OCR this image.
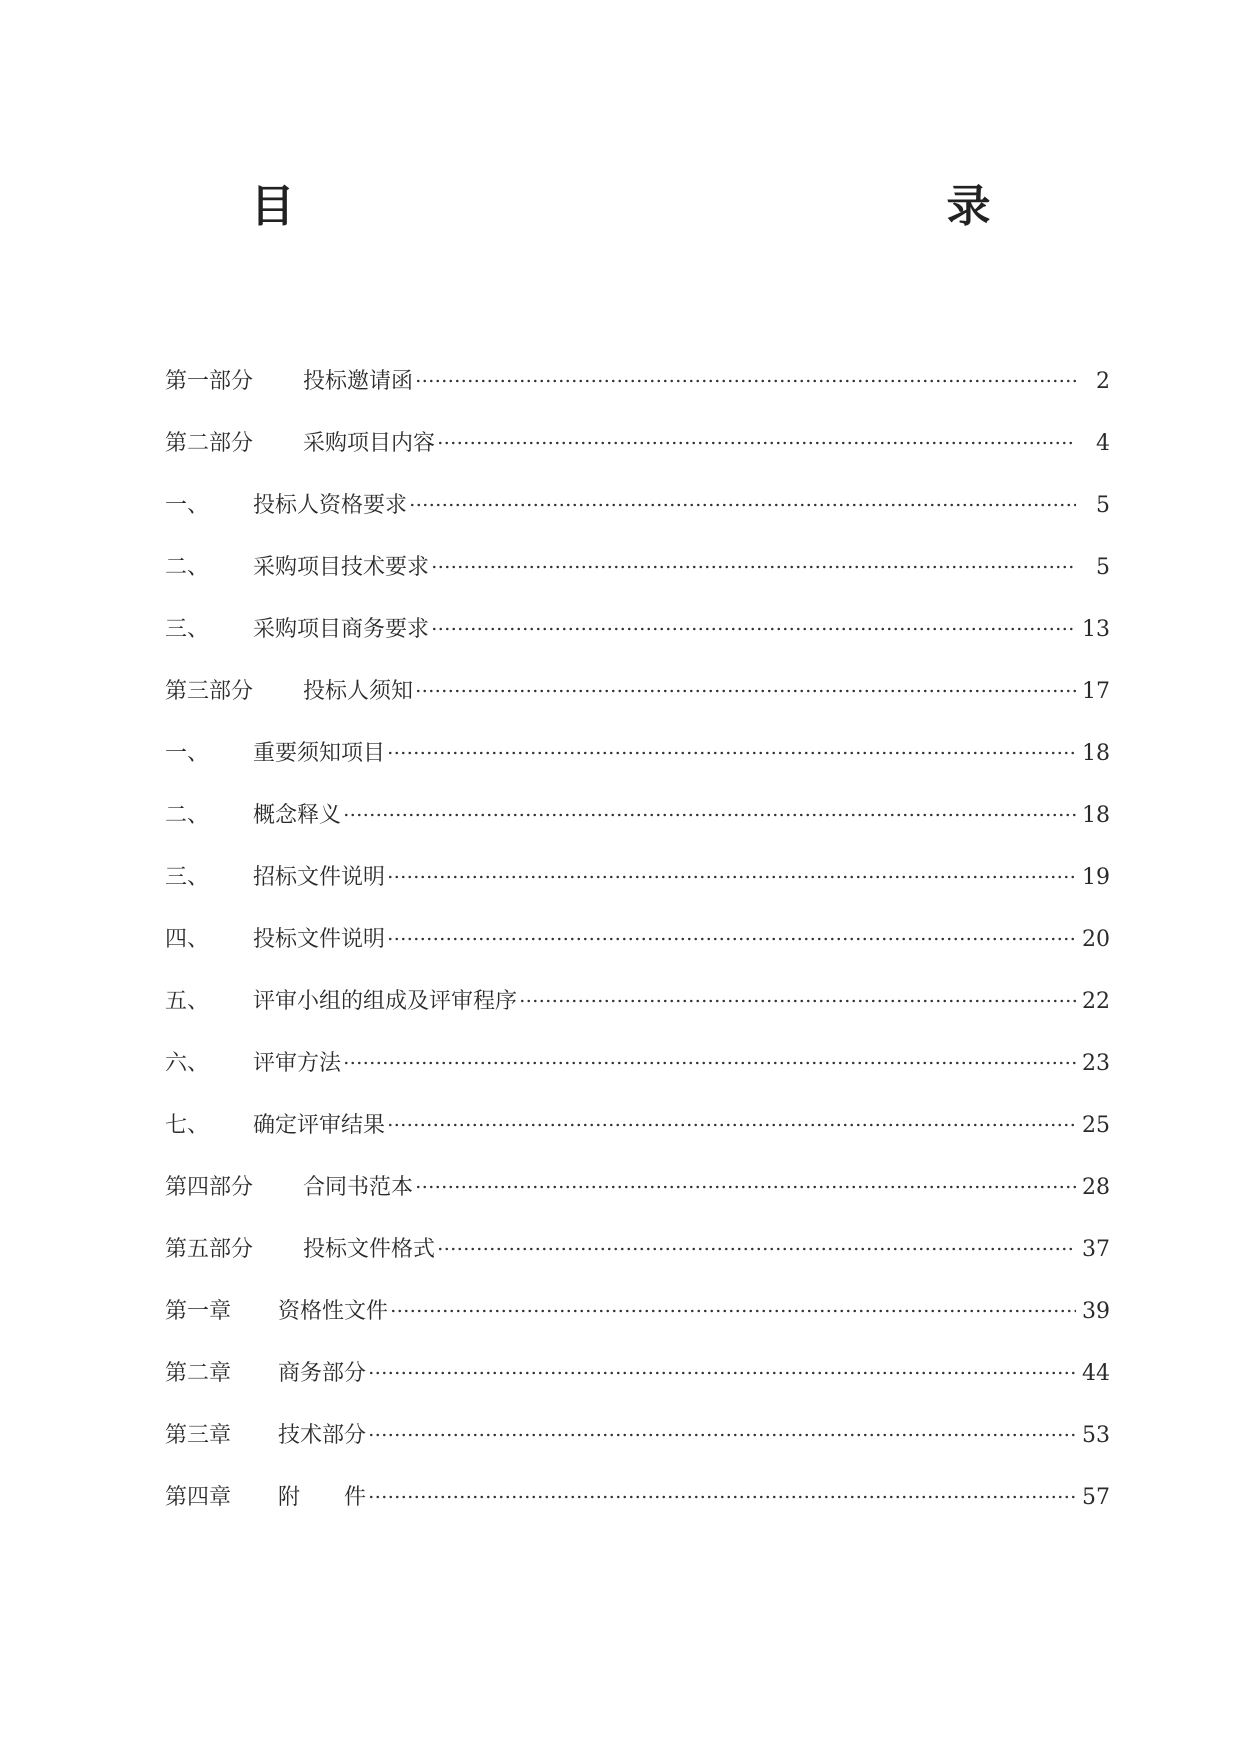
目　　　录
第一部分	投标邀请函	2
第二部分	采购项目内容	4
一、	投标人资格要求	5
二、	采购项目技术要求	5
三、	采购项目商务要求	13
第三部分	投标人须知	17
一、	重要须知项目	18
二、	概念释义	18
三、	招标文件说明	19
四、	投标文件说明	20
五、	评审小组的组成及评审程序	22
六、	评审方法	23
七、	确定评审结果	25
第四部分	合同书范本	28
第五部分	投标文件格式	37
第一章	资格性文件	39
第二章	商务部分	44
第三章	技术部分	53
第四章	附　　件	57
